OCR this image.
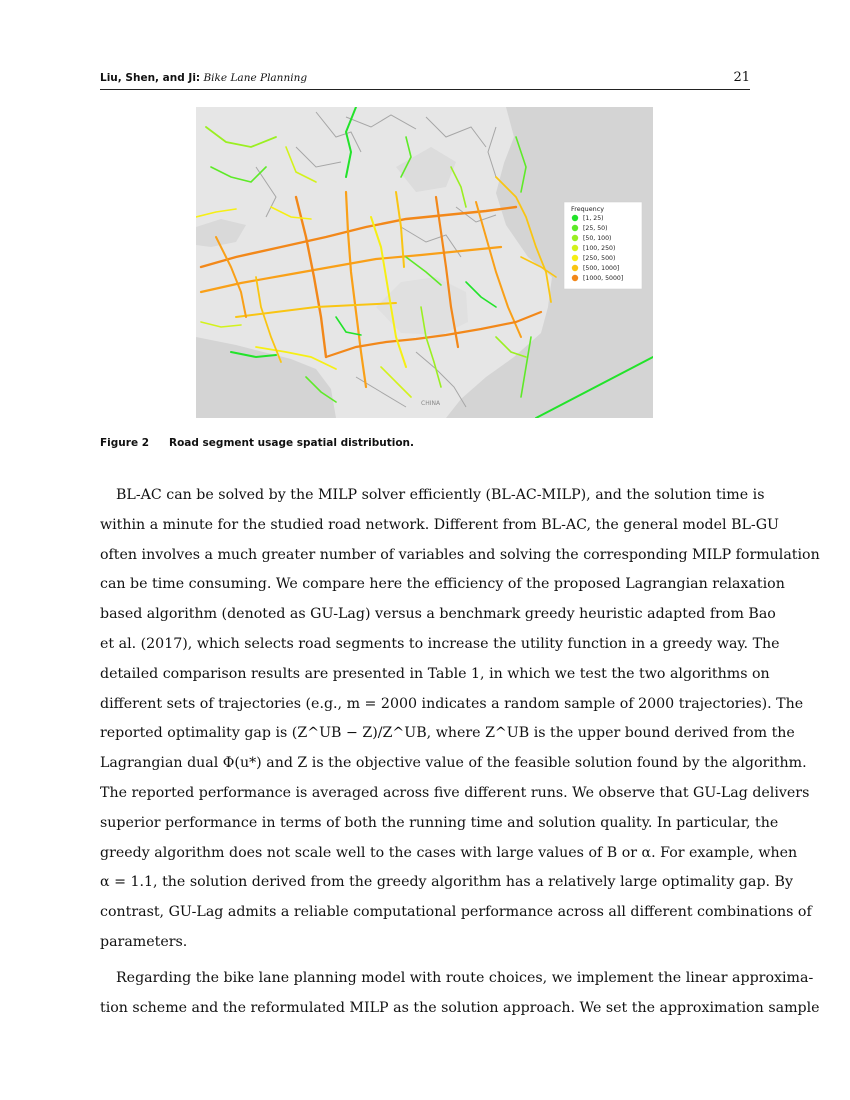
Liu, Shen, and Ji: Bike Lane Planning	21
CHINA
Frequency
[1, 25)
[25, 50)
[50, 100)
[100, 250)
[250, 500)
[500, 1000]
[1000, 5000]
Figure 2 Road segment usage spatial distribution.

BL-AC can be solved by the MILP solver efficiently (BL-AC-MILP), and the solution time is
within a minute for the studied road network. Different from BL-AC, the general model BL-GU
often involves a much greater number of variables and solving the corresponding MILP formulation
can be time consuming. We compare here the efficiency of the proposed Lagrangian relaxation
based algorithm (denoted as GU-Lag) versus a benchmark greedy heuristic adapted from Bao
et al. (2017), which selects road segments to increase the utility function in a greedy way. The
detailed comparison results are presented in Table 1, in which we test the two algorithms on
different sets of trajectories (e.g., m = 2000 indicates a random sample of 2000 trajectories). The
reported optimality gap is (Z^UB − Z)/Z^UB, where Z^UB is the upper bound derived from the
Lagrangian dual Φ(u*) and Z is the objective value of the feasible solution found by the algorithm.
The reported performance is averaged across five different runs. We observe that GU-Lag delivers
superior performance in terms of both the running time and solution quality. In particular, the
greedy algorithm does not scale well to the cases with large values of B or α. For example, when
α = 1.1, the solution derived from the greedy algorithm has a relatively large optimality gap. By
contrast, GU-Lag admits a reliable computational performance across all different combinations of
parameters.

Regarding the bike lane planning model with route choices, we implement the linear approxima-
tion scheme and the reformulated MILP as the solution approach. We set the approximation sample
